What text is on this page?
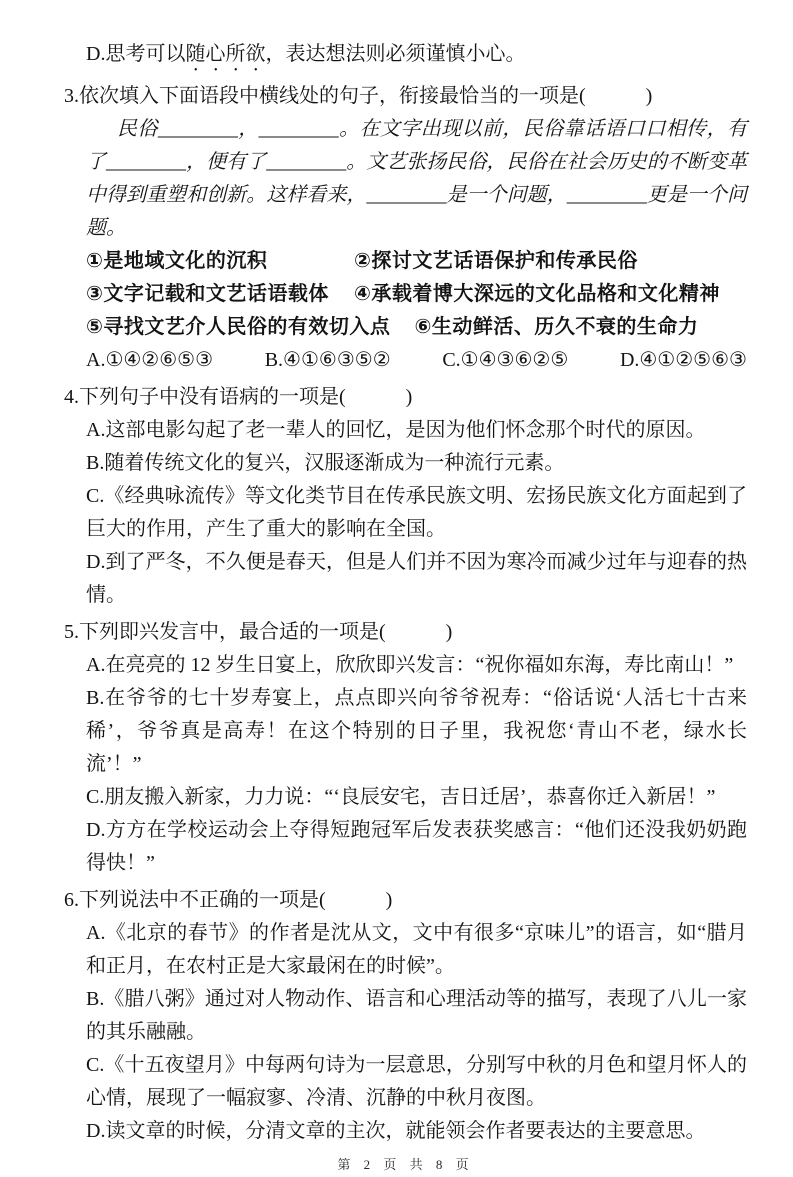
D.思考可以随心所欲，表达想法则必须谨慎小心。
3.依次填入下面语段中横线处的句子，衔接最恰当的一项是(　　　)

民俗________，________。在文字出现以前，民俗靠话语口口相传，有了________，便有了________。文艺张扬民俗，民俗在社会历史的不断变革中得到重塑和创新。这样看来，________是一个问题，________更是一个问题。

①是地域文化的沉积	②探讨文艺话语保护和传承民俗
③文字记载和文艺话语载体	④承载着博大深远的文化品格和文化精神
⑤寻找文艺介人民俗的有效切入点 ⑥生动鲜活、历久不衰的生命力
A.①④②⑥⑤③	B.④①⑥③⑤②	C.①④③⑥②⑤	D.④①②⑤⑥③
4.下列句子中没有语病的一项是(　　　)
A.这部电影勾起了老一辈人的回忆，是因为他们怀念那个时代的原因。
B.随着传统文化的复兴，汉服逐渐成为一种流行元素。
C.《经典咏流传》等文化类节目在传承民族文明、宏扬民族文化方面起到了巨大的作用，产生了重大的影响在全国。
D.到了严冬，不久便是春天，但是人们并不因为寒冷而减少过年与迎春的热情。
5.下列即兴发言中，最合适的一项是(　　　)
A.在亮亮的 12 岁生日宴上，欣欣即兴发言：“祝你福如东海，寿比南山！”
B.在爷爷的七十岁寿宴上，点点即兴向爷爷祝寿：“俗话说‘人活七十古来稀’，爷爷真是高寿！在这个特别的日子里，我祝您‘青山不老，绿水长流’！”
C.朋友搬入新家，力力说：“‘良辰安宅，吉日迁居’，恭喜你迁入新居！”
D.方方在学校运动会上夺得短跑冠军后发表获奖感言：“他们还没我奶奶跑得快！”
6.下列说法中不正确的一项是(　　　)
A.《北京的春节》的作者是沈从文，文中有很多“京味儿”的语言，如“腊月和正月，在农村正是大家最闲在的时候”。
B.《腊八粥》通过对人物动作、语言和心理活动等的描写，表现了八儿一家的其乐融融。
C.《十五夜望月》中每两句诗为一层意思，分别写中秋的月色和望月怀人的心情，展现了一幅寂寥、冷清、沉静的中秋月夜图。
D.读文章的时候，分清文章的主次，就能领会作者要表达的主要意思。
第 2 页 共 8 页
